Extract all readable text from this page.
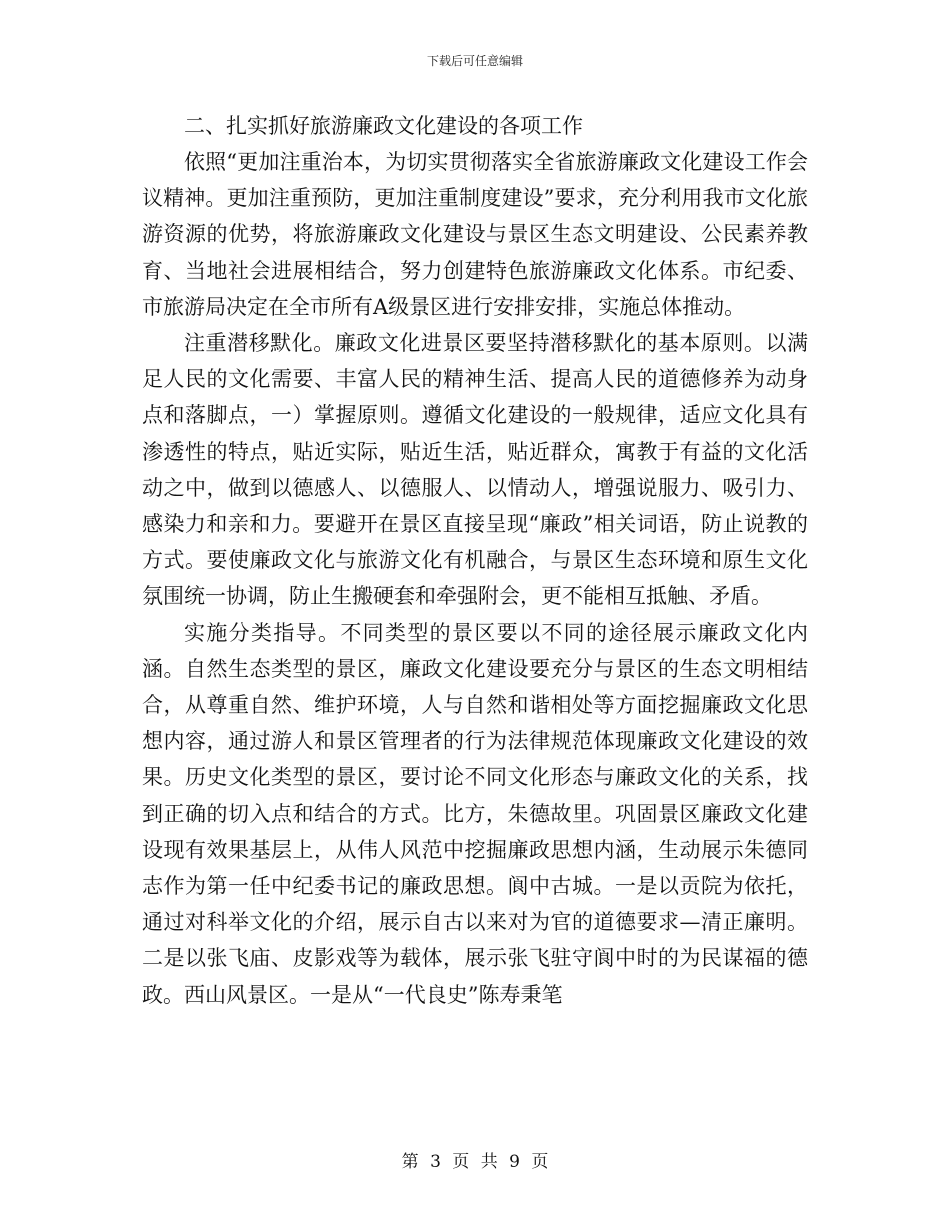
下载后可任意编辑
二、扎实抓好旅游廉政文化建设的各项工作

依照“更加注重治本，为切实贯彻落实全省旅游廉政文化建设工作会议精神。更加注重预防，更加注重制度建设”要求，充分利用我市文化旅游资源的优势，将旅游廉政文化建设与景区生态文明建设、公民素养教育、当地社会进展相结合，努力创建特色旅游廉政文化体系。市纪委、市旅游局决定在全市所有A级景区进行安排安排，实施总体推动。

注重潜移默化。廉政文化进景区要坚持潜移默化的基本原则。以满足人民的文化需要、丰富人民的精神生活、提高人民的道德修养为动身点和落脚点，一）掌握原则。遵循文化建设的一般规律，适应文化具有渗透性的特点，贴近实际，贴近生活，贴近群众，寓教于有益的文化活动之中，做到以德感人、以德服人、以情动人，增强说服力、吸引力、感染力和亲和力。要避开在景区直接呈现“廉政”相关词语，防止说教的方式。要使廉政文化与旅游文化有机融合，与景区生态环境和原生文化氛围统一协调，防止生搬硬套和牵强附会，更不能相互抵触、矛盾。

实施分类指导。不同类型的景区要以不同的途径展示廉政文化内涵。自然生态类型的景区，廉政文化建设要充分与景区的生态文明相结合，从尊重自然、维护环境，人与自然和谐相处等方面挖掘廉政文化思想内容，通过游人和景区管理者的行为法律规范体现廉政文化建设的效果。历史文化类型的景区，要讨论不同文化形态与廉政文化的关系，找到正确的切入点和结合的方式。比方，朱德故里。巩固景区廉政文化建设现有效果基层上，从伟人风范中挖掘廉政思想内涵，生动展示朱德同志作为第一任中纪委书记的廉政思想。阆中古城。一是以贡院为依托，通过对科举文化的介绍，展示自古以来对为官的道德要求—清正廉明。二是以张飞庙、皮影戏等为载体，展示张飞驻守阆中时的为民谋福的德政。西山风景区。一是从“一代良史”陈寿秉笔

第 3 页 共 9 页
